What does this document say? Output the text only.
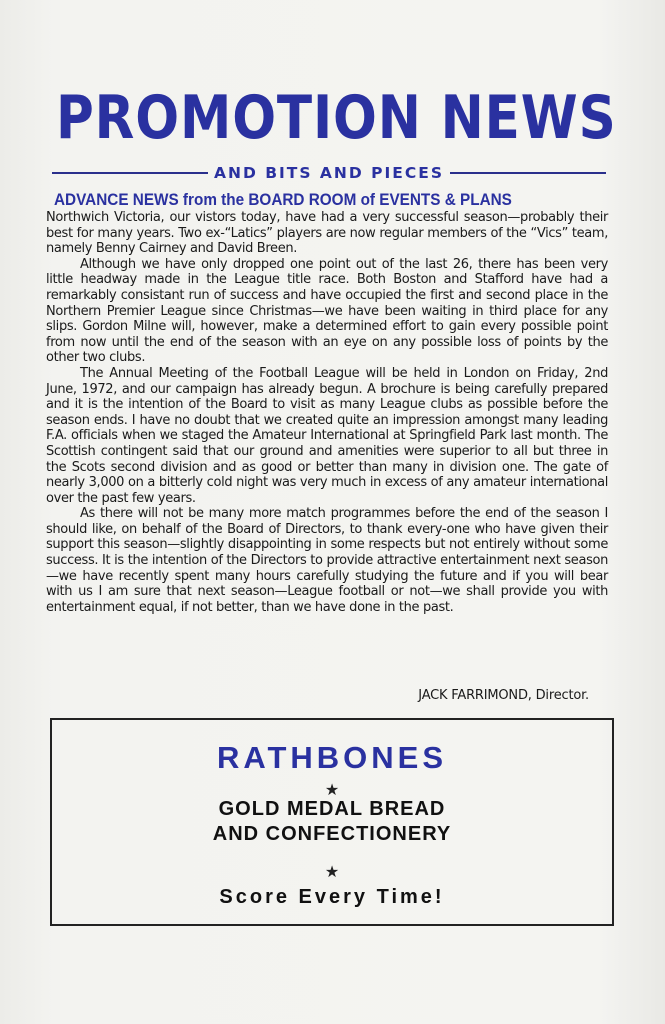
PROMOTION NEWS
AND BITS AND PIECES
ADVANCE NEWS from the BOARD ROOM of EVENTS & PLANS

Northwich Victoria, our vistors today, have had a very successful season—probably their best for many years. Two ex-“Latics” players are now regular members of the “Vics” team, namely Benny Cairney and David Breen.

Although we have only dropped one point out of the last 26, there has been very little headway made in the League title race. Both Boston and Stafford have had a remarkably consistant run of success and have occupied the first and second place in the Northern Premier League since Christmas—we have been waiting in third place for any slips. Gordon Milne will, however, make a determined effort to gain every possible point from now until the end of the season with an eye on any possible loss of points by the other two clubs.

The Annual Meeting of the Football League will be held in London on Friday, 2nd June, 1972, and our campaign has already begun. A brochure is being carefully prepared and it is the intention of the Board to visit as many League clubs as possible before the season ends. I have no doubt that we created quite an impression amongst many leading F.A. officials when we staged the Amateur International at Springfield Park last month. The Scottish contingent said that our ground and amenities were superior to all but three in the Scots second division and as good or better than many in division one. The gate of nearly 3,000 on a bitterly cold night was very much in excess of any amateur international over the past few years.

As there will not be many more match programmes before the end of the season I should like, on behalf of the Board of Directors, to thank every-one who have given their support this season—slightly disappointing in some respects but not entirely without some success. It is the intention of the Directors to provide attractive entertainment next season—we have recently spent many hours carefully studying the future and if you will bear with us I am sure that next season—League football or not—we shall provide you with entertainment equal, if not better, than we have done in the past.

JACK FARRIMOND, Director.
RATHBONES
★
GOLD MEDAL BREAD
AND CONFECTIONERY
★
Score Every Time!
